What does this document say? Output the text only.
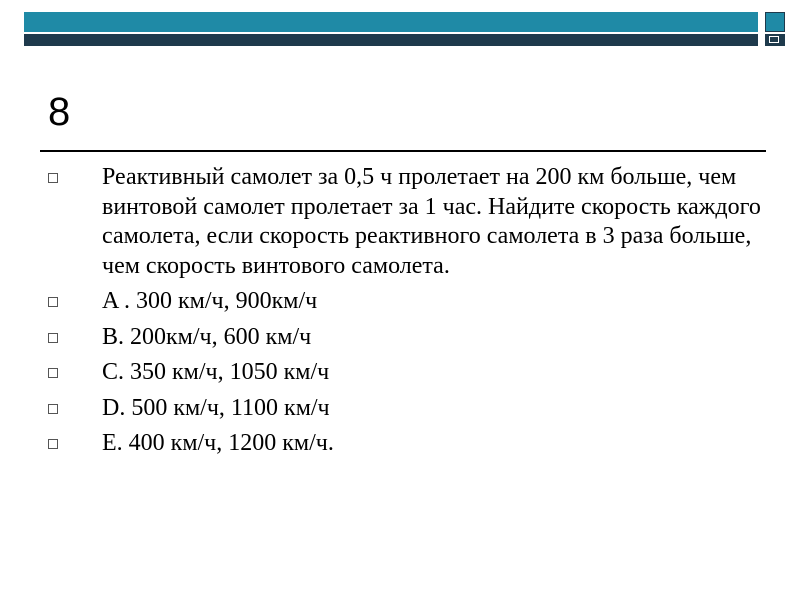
8
Реактивный самолет за 0,5 ч пролетает на 200 км больше, чем винтовой самолет пролетает за 1 час. Найдите скорость каждого самолета, если скорость реактивного самолета в 3 раза больше, чем скорость винтового самолета.
A . 300 км/ч, 900км/ч
B. 200км/ч, 600 км/ч
C. 350 км/ч, 1050 км/ч
D. 500 км/ч, 1100 км/ч
E. 400 км/ч, 1200 км/ч.
